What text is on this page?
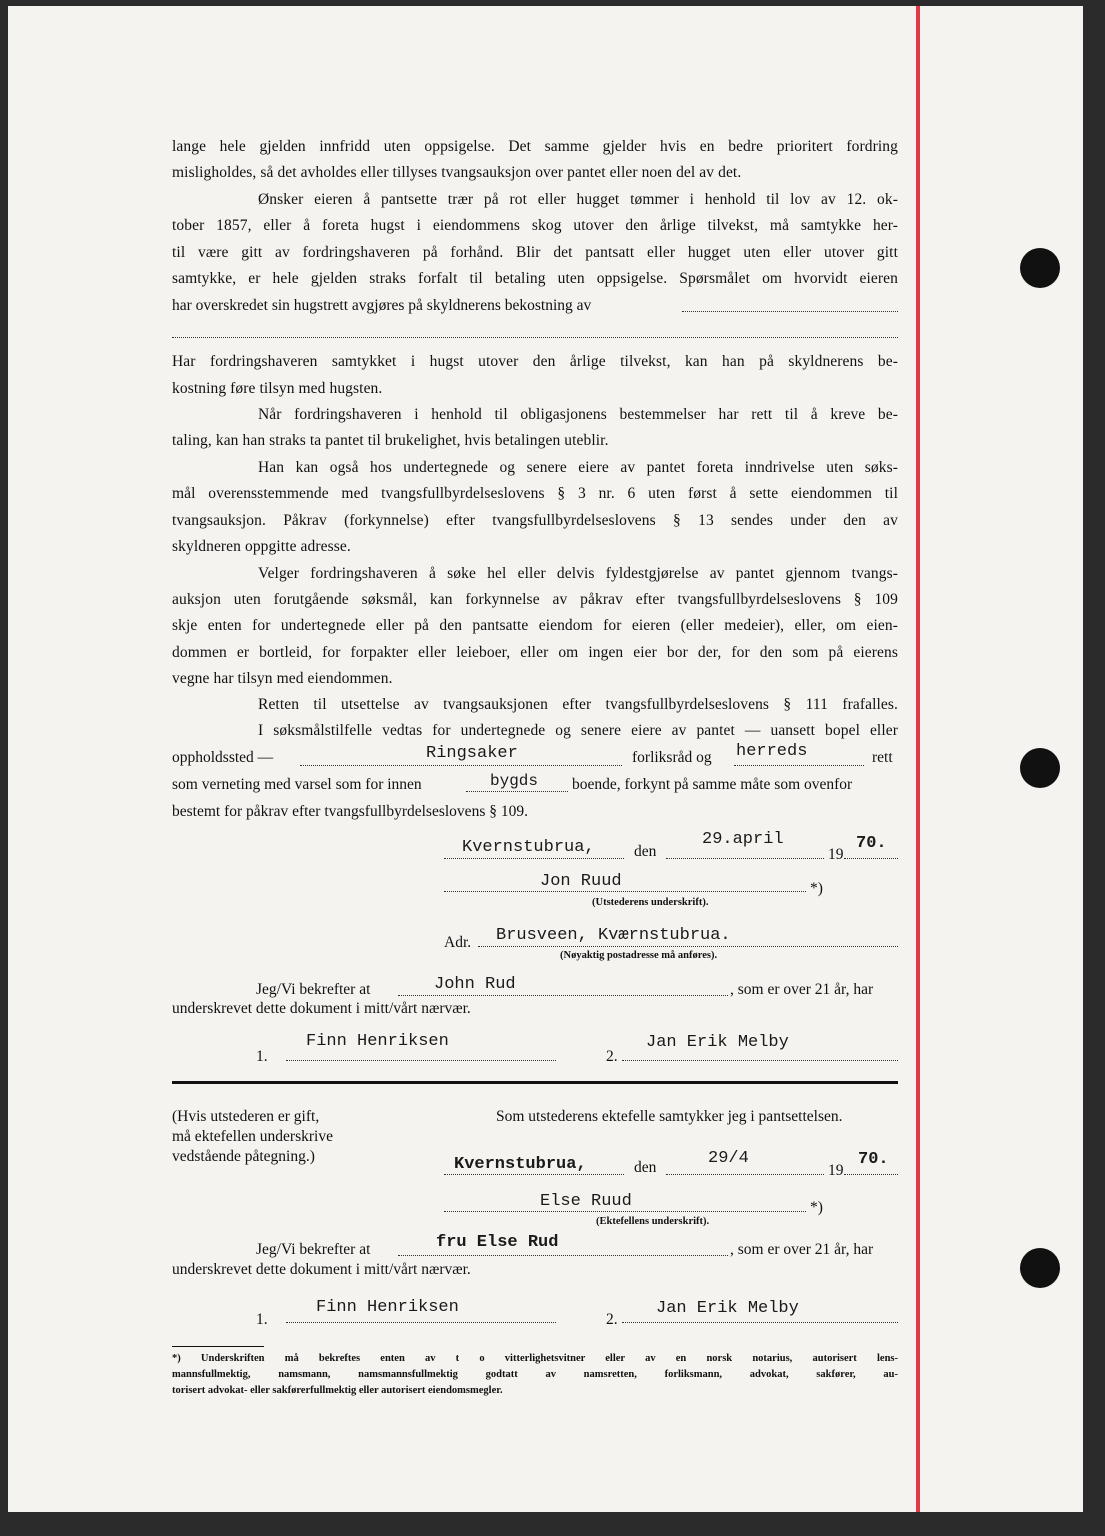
lange hele gjelden innfridd uten oppsigelse. Det samme gjelder hvis en bedre prioritert fordring
misligholdes, så det avholdes eller tillyses tvangsauksjon over pantet eller noen del av det.
Ønsker eieren å pantsette trær på rot eller hugget tømmer i henhold til lov av 12. ok-
tober 1857, eller å foreta hugst i eiendommens skog utover den årlige tilvekst, må samtykke her-
til være gitt av fordringshaveren på forhånd. Blir det pantsatt eller hugget uten eller utover gitt
samtykke, er hele gjelden straks forfalt til betaling uten oppsigelse. Spørsmålet om hvorvidt eieren
har overskredet sin hugstrett avgjøres på skyldnerens bekostning av
Har fordringshaveren samtykket i hugst utover den årlige tilvekst, kan han på skyldnerens be-
kostning føre tilsyn med hugsten.
Når fordringshaveren i henhold til obligasjonens bestemmelser har rett til å kreve be-
taling, kan han straks ta pantet til brukelighet, hvis betalingen uteblir.
Han kan også hos undertegnede og senere eiere av pantet foreta inndrivelse uten søks-
mål overensstemmende med tvangsfullbyrdelseslovens § 3 nr. 6 uten først å sette eiendommen til
tvangsauksjon. Påkrav (forkynnelse) efter tvangsfullbyrdelseslovens § 13 sendes under den av
skyldneren oppgitte adresse.
Velger fordringshaveren å søke hel eller delvis fyldestgjørelse av pantet gjennom tvangs-
auksjon uten forutgående søksmål, kan forkynnelse av påkrav efter tvangsfullbyrdelseslovens § 109
skje enten for undertegnede eller på den pantsatte eiendom for eieren (eller medeier), eller, om eien-
dommen er bortleid, for forpakter eller leieboer, eller om ingen eier bor der, for den som på eierens
vegne har tilsyn med eiendommen.
Retten til utsettelse av tvangsauksjonen efter tvangsfullbyrdelseslovens § 111 frafalles.
I søksmålstilfelle vedtas for undertegnede og senere eiere av pantet — uansett bopel eller
oppholdssted —	Ringsaker	forliksråd og herreds	rett
som verneting med varsel som for innen	bygds boende, forkynt på samme måte som ovenfor
bestemt for påkrav efter tvangsfullbyrdelseslovens § 109.
Kvernstubrua,	den
29.april
19
70.
Jon Ruud	*)
(Utstederens underskrift).
Adr. Brusveen, Kværnstubrua.
(Nøyaktig postadresse må anføres).
Jeg/Vi bekrefter at	John Rud	, som er over 21 år, har
underskrevet dette dokument i mitt/vårt nærvær.
1.
Finn Henriksen
2.
Jan Erik Melby
(Hvis utstederen er gift,
må ektefellen underskrive
vedstående påtegning.)
Som utstederens ektefelle samtykker jeg i pantsettelsen.
Kvernstubrua,	den	29/4
19
70.
Else Ruud	*)
(Ektefellens underskrift).
Jeg/Vi bekrefter at	fru Else Rud	, som er over 21 år, har
underskrevet dette dokument i mitt/vårt nærvær.
1.
Finn Henriksen
2.
Jan Erik Melby
*) Underskriften må bekreftes enten av t o vitterlighetsvitner eller av en norsk notarius, autorisert lens-
mannsfullmektig, namsmann, namsmannsfullmektig godtatt av namsretten, forliksmann, advokat, sakfører, au-
torisert advokat- eller sakførerfullmektig eller autorisert eiendomsmegler.
